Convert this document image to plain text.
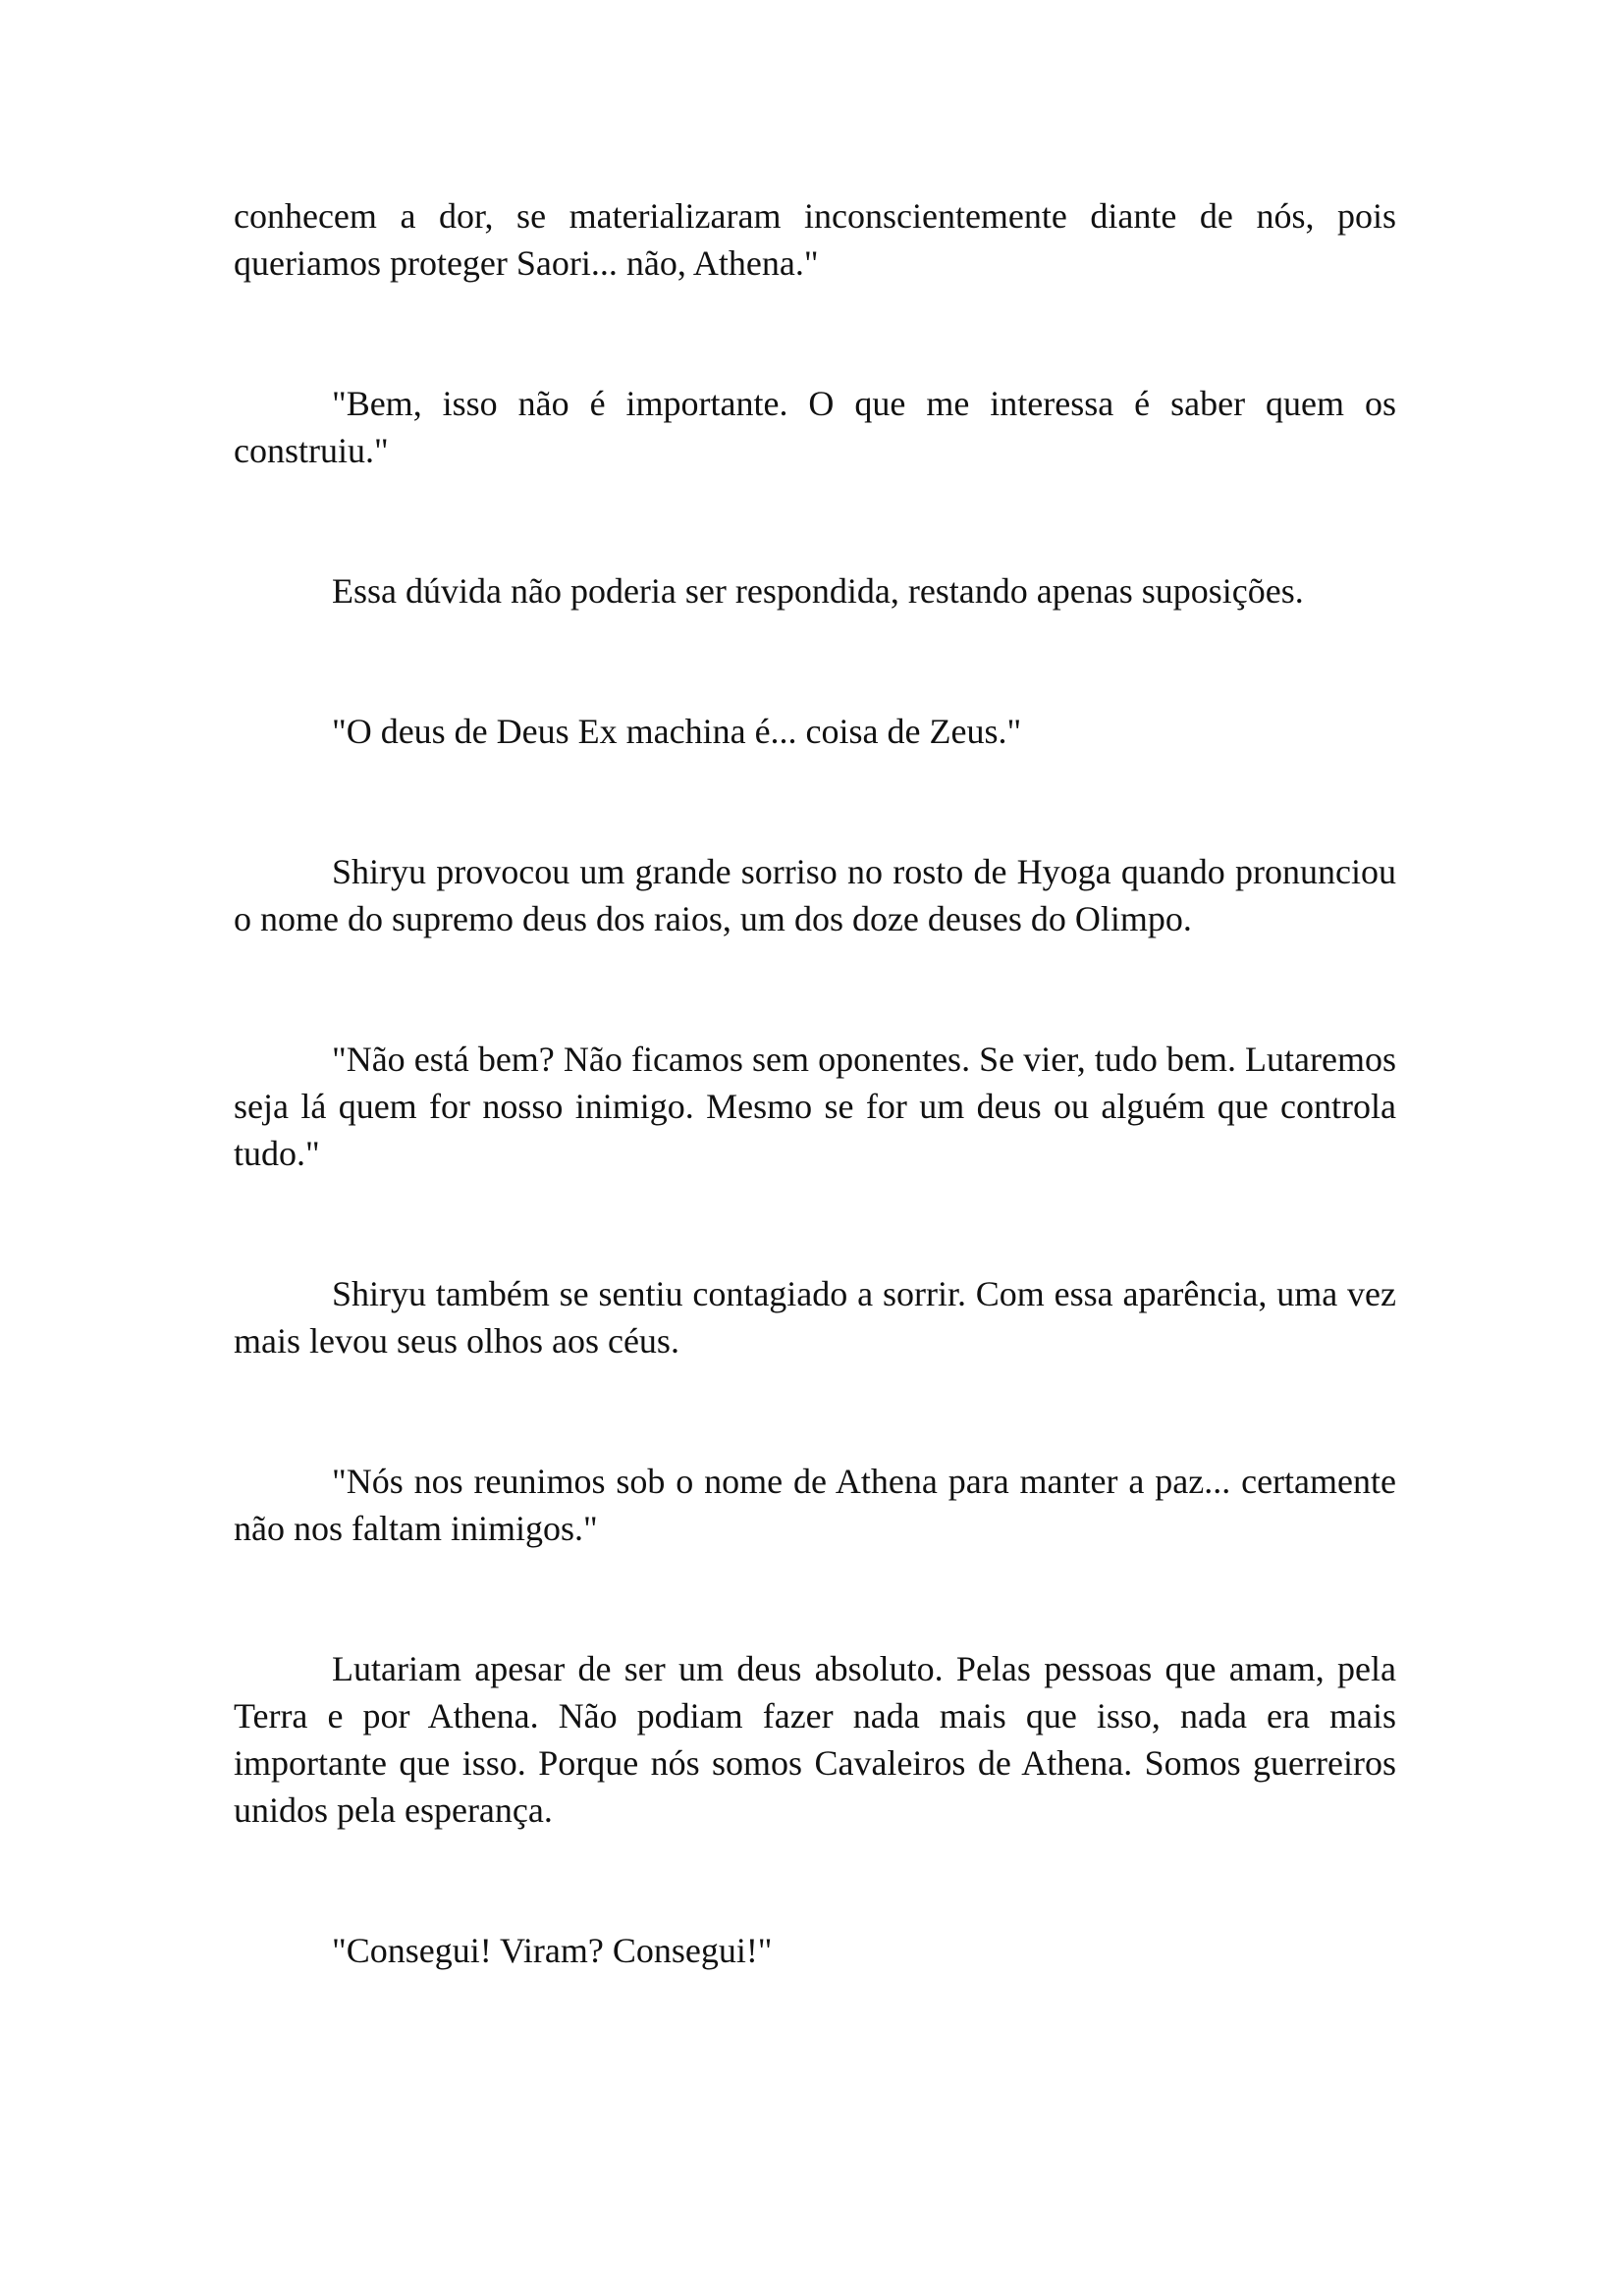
conhecem a dor, se materializaram inconscientemente diante de nós, pois queriamos proteger Saori... não, Athena."

"Bem, isso não é importante. O que me interessa é saber quem os construiu."

Essa dúvida não poderia ser respondida, restando apenas suposições.

"O deus de Deus Ex machina é... coisa de Zeus."

Shiryu provocou um grande sorriso no rosto de Hyoga quando pronunciou o nome do supremo deus dos raios, um dos doze deuses do Olimpo.

"Não está bem? Não ficamos sem oponentes. Se vier, tudo bem. Lutaremos seja lá quem for nosso inimigo. Mesmo se for um deus ou alguém que controla tudo."

Shiryu também se sentiu contagiado a sorrir. Com essa aparência, uma vez mais levou seus olhos aos céus.

"Nós nos reunimos sob o nome de Athena para manter a paz... certamente não nos faltam inimigos."

Lutariam apesar de ser um deus absoluto. Pelas pessoas que amam, pela Terra e por Athena. Não podiam fazer nada mais que isso, nada era mais importante que isso. Porque nós somos Cavaleiros de Athena. Somos guerreiros unidos pela esperança.

"Consegui! Viram? Consegui!"
